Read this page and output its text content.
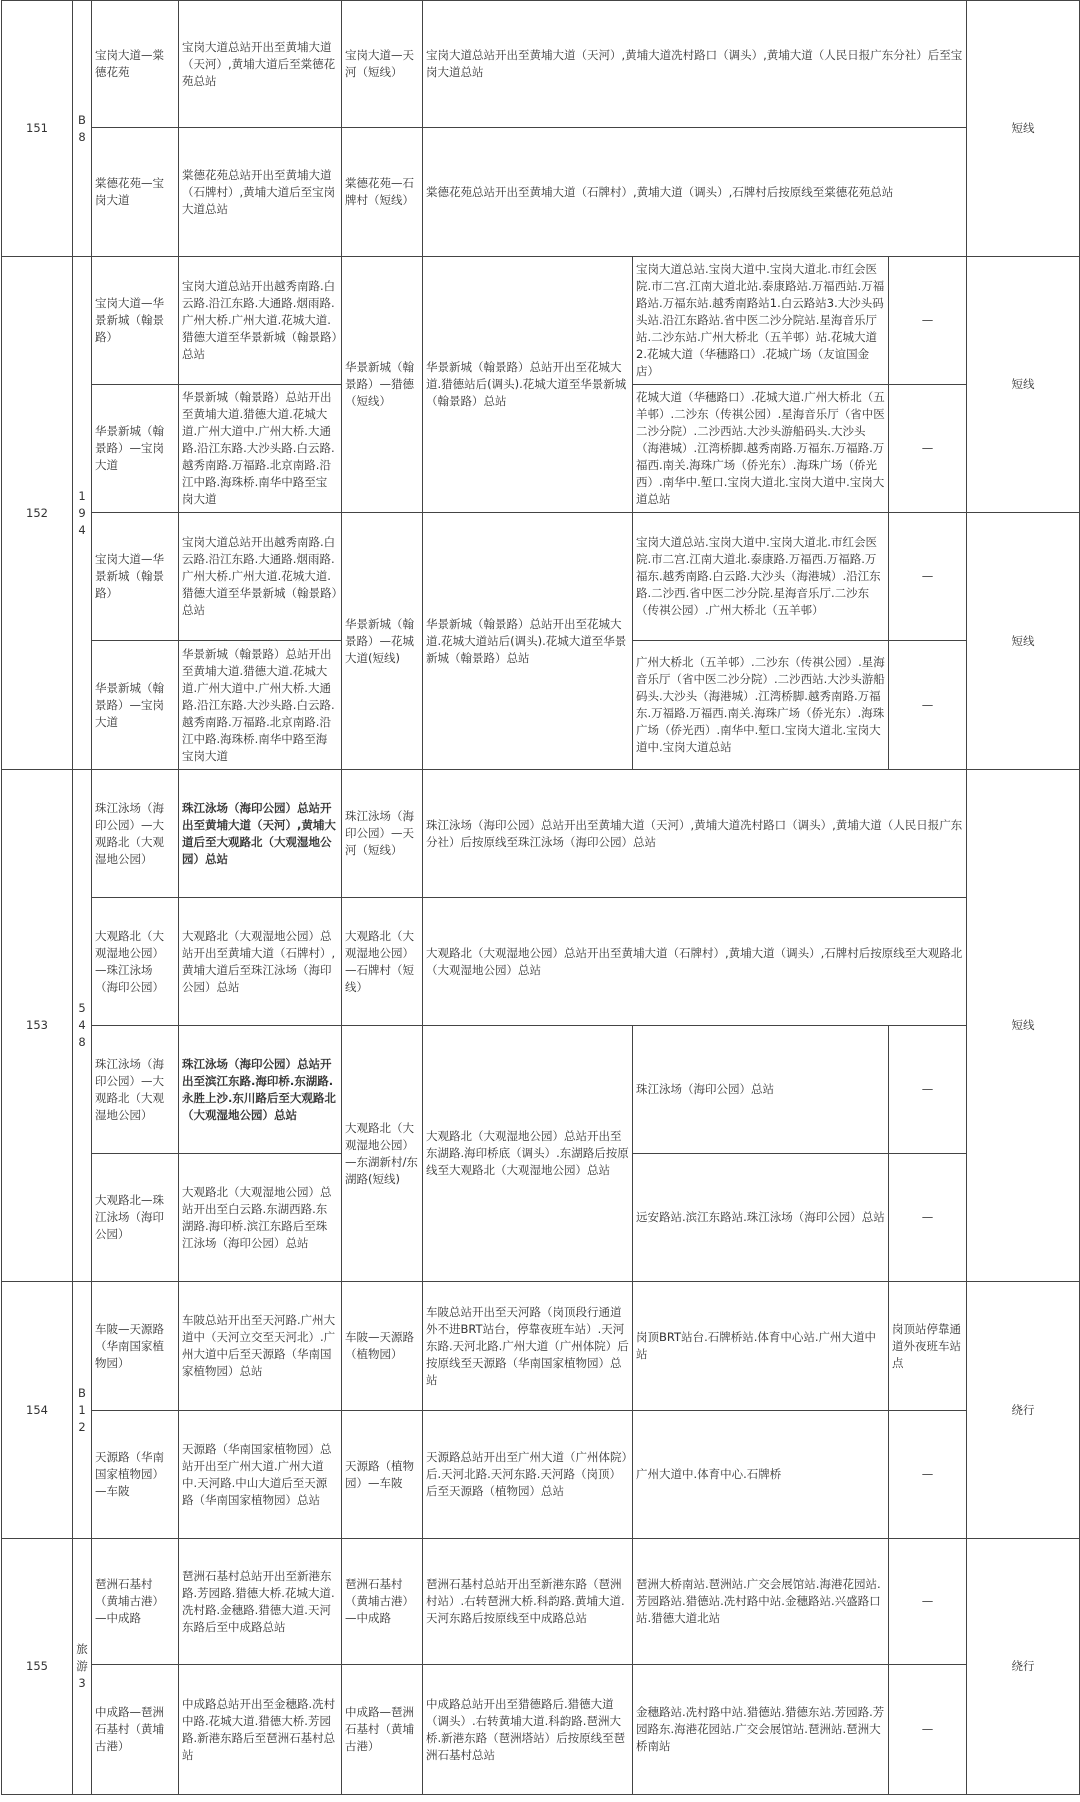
151	B8	宝岗大道—棠德花苑	宝岗大道总站开出至黄埔大道（天河）,黄埔大道后至棠德花苑总站	宝岗大道—天河（短线）	宝岗大道总站开出至黄埔大道（天河）,黄埔大道冼村路口（调头）,黄埔大道（人民日报广东分社）后至宝岗大道总站			短线
		棠德花苑—宝岗大道	棠德花苑总站开出至黄埔大道（石牌村）,黄埔大道后至宝岗大道总站	棠德花苑—石牌村（短线）	棠德花苑总站开出至黄埔大道（石牌村）,黄埔大道（调头）,石牌村后按原线至棠德花苑总站			
152	194	宝岗大道—华景新城（翰景路）	宝岗大道总站开出越秀南路.白云路.沿江东路.大通路.烟雨路.广州大桥.广州大道.花城大道.猎德大道至华景新城（翰景路）总站	华景新城（翰景路）—猎德（短线）	华景新城（翰景路）总站开出至花城大道.猎德站后(调头).花城大道至华景新城（翰景路）总站	宝岗大道总站.宝岗大道中.宝岗大道北.市红会医院.市二宫.江南大道北站.泰康路站.万福西站.万福路站.万福东站.越秀南路站1.白云路站3.大沙头码头站.沿江东路站.省中医二沙分院站.星海音乐厅站.二沙东站.广州大桥北（五羊邨）站.花城大道2.花城大道（华穗路口）.花城广场（友谊国金店）	—	短线
		华景新城（翰景路）—宝岗大道	华景新城（翰景路）总站开出至黄埔大道.猎德大道.花城大道.广州大道中.广州大桥.大通路.沿江东路.大沙头路.白云路.越秀南路.万福路.北京南路.沿江中路.海珠桥.南华中路至宝岗大道			花城大道（华穗路口）.花城大道.广州大桥北（五羊邨）.二沙东（传祺公园）.星海音乐厅（省中医二沙分院）.二沙西站.大沙头游船码头.大沙头（海港城）.江湾桥脚.越秀南路.万福东.万福路.万福西.南关.海珠广场（侨光东）.海珠广场（侨光西）.南华中.堑口.宝岗大道北.宝岗大道中.宝岗大道总站	—	
		宝岗大道—华景新城（翰景路）	宝岗大道总站开出越秀南路.白云路.沿江东路.大通路.烟雨路.广州大桥.广州大道.花城大道.猎德大道至华景新城（翰景路）总站	华景新城（翰景路）—花城大道(短线)	华景新城（翰景路）总站开出至花城大道.花城大道站后(调头).花城大道至华景新城（翰景路）总站	宝岗大道总站.宝岗大道中.宝岗大道北.市红会医院.市二宫.江南大道北.泰康路.万福西.万福路.万福东.越秀南路.白云路.大沙头（海港城）.沿江东路.二沙西.省中医二沙分院.星海音乐厅.二沙东（传祺公园）.广州大桥北（五羊邨）	—	短线
		华景新城（翰景路）—宝岗大道	华景新城（翰景路）总站开出至黄埔大道.猎德大道.花城大道.广州大道中.广州大桥.大通路.沿江东路.大沙头路.白云路.越秀南路.万福路.北京南路.沿江中路.海珠桥.南华中路至海宝岗大道			广州大桥北（五羊邨）.二沙东（传祺公园）.星海音乐厅（省中医二沙分院）.二沙西站.大沙头游船码头.大沙头（海港城）.江湾桥脚.越秀南路.万福东.万福路.万福西.南关.海珠广场（侨光东）.海珠广场（侨光西）.南华中.堑口.宝岗大道北.宝岗大道中.宝岗大道总站	—	
153	548	珠江泳场（海印公园）—大观路北（大观湿地公园）	珠江泳场（海印公园）总站开出至黄埔大道（天河）,黄埔大道后至大观路北（大观湿地公园）总站	珠江泳场（海印公园）—天河（短线）	珠江泳场（海印公园）总站开出至黄埔大道（天河）,黄埔大道冼村路口（调头）,黄埔大道（人民日报广东分社）后按原线至珠江泳场（海印公园）总站			短线
		大观路北（大观湿地公园）—珠江泳场（海印公园）	大观路北（大观湿地公园）总站开出至黄埔大道（石牌村）,黄埔大道后至珠江泳场（海印公园）总站	大观路北（大观湿地公园）—石牌村（短线）	大观路北（大观湿地公园）总站开出至黄埔大道（石牌村）,黄埔大道（调头）,石牌村后按原线至大观路北（大观湿地公园）总站			
		珠江泳场（海印公园）—大观路北（大观湿地公园）	珠江泳场（海印公园）总站开出至滨江东路.海印桥.东湖路.永胜上沙.东川路后至大观路北（大观湿地公园）总站	大观路北（大观湿地公园）—东湖新村/东湖路(短线)	大观路北（大观湿地公园）总站开出至东湖路.海印桥底（调头）.东湖路后按原线至大观路北（大观湿地公园）总站	珠江泳场（海印公园）总站	—	
		大观路北—珠江泳场（海印公园）	大观路北（大观湿地公园）总站开出至白云路.东湖西路.东湖路.海印桥.滨江东路后至珠江泳场（海印公园）总站			远安路站.滨江东路站.珠江泳场（海印公园）总站	—	
154	B12	车陂—天源路（华南国家植物园）	车陂总站开出至天河路.广州大道中（天河立交至天河北）.广州大道中后至天源路（华南国家植物园）总站	车陂—天源路（植物园）	车陂总站开出至天河路（岗顶段行通道外不进BRT站台，停靠夜班车站）.天河东路.天河北路.广州大道（广州体院）后按原线至天源路（华南国家植物园）总站	岗顶BRT站台.石牌桥站.体育中心站.广州大道中站	岗顶站停靠通道外夜班车站点	绕行
		天源路（华南国家植物园）—车陂	天源路（华南国家植物园）总站开出至广州大道.广州大道中.天河路.中山大道后至天源路（华南国家植物园）总站	天源路（植物园）—车陂	天源路总站开出至广州大道（广州体院）后.天河北路.天河东路.天河路（岗顶）后至天源路（植物园）总站	广州大道中.体育中心.石牌桥	—	
155	旅游3	琶洲石基村（黄埔古港）—中成路	琶洲石基村总站开出至新港东路.芳园路.猎德大桥.花城大道.冼村路.金穗路.猎德大道.天河东路后至中成路总站	琶洲石基村（黄埔古港）—中成路	琶洲石基村总站开出至新港东路（琶洲村站）.右转琶洲大桥.科韵路.黄埔大道.天河东路后按原线至中成路总站	琶洲大桥南站.琶洲站.广交会展馆站.海港花园站.芳园路站.猎德站.冼村路中站.金穗路站.兴盛路口站.猎德大道北站	—	绕行
		中成路—琶洲石基村（黄埔古港）	中成路总站开出至金穗路.冼村中路.花城大道.猎德大桥.芳园路.新港东路后至琶洲石基村总站	中成路—琶洲石基村（黄埔古港）	中成路总站开出至猎德路后.猎德大道（调头）.右转黄埔大道.科韵路.琶洲大桥.新港东路（琶洲塔站）后按原线至琶洲石基村总站	金穗路站.冼村路中站.猎德站.猎德东站.芳园路.芳园路东.海港花园站.广交会展馆站.琶洲站.琶洲大桥南站	—	
